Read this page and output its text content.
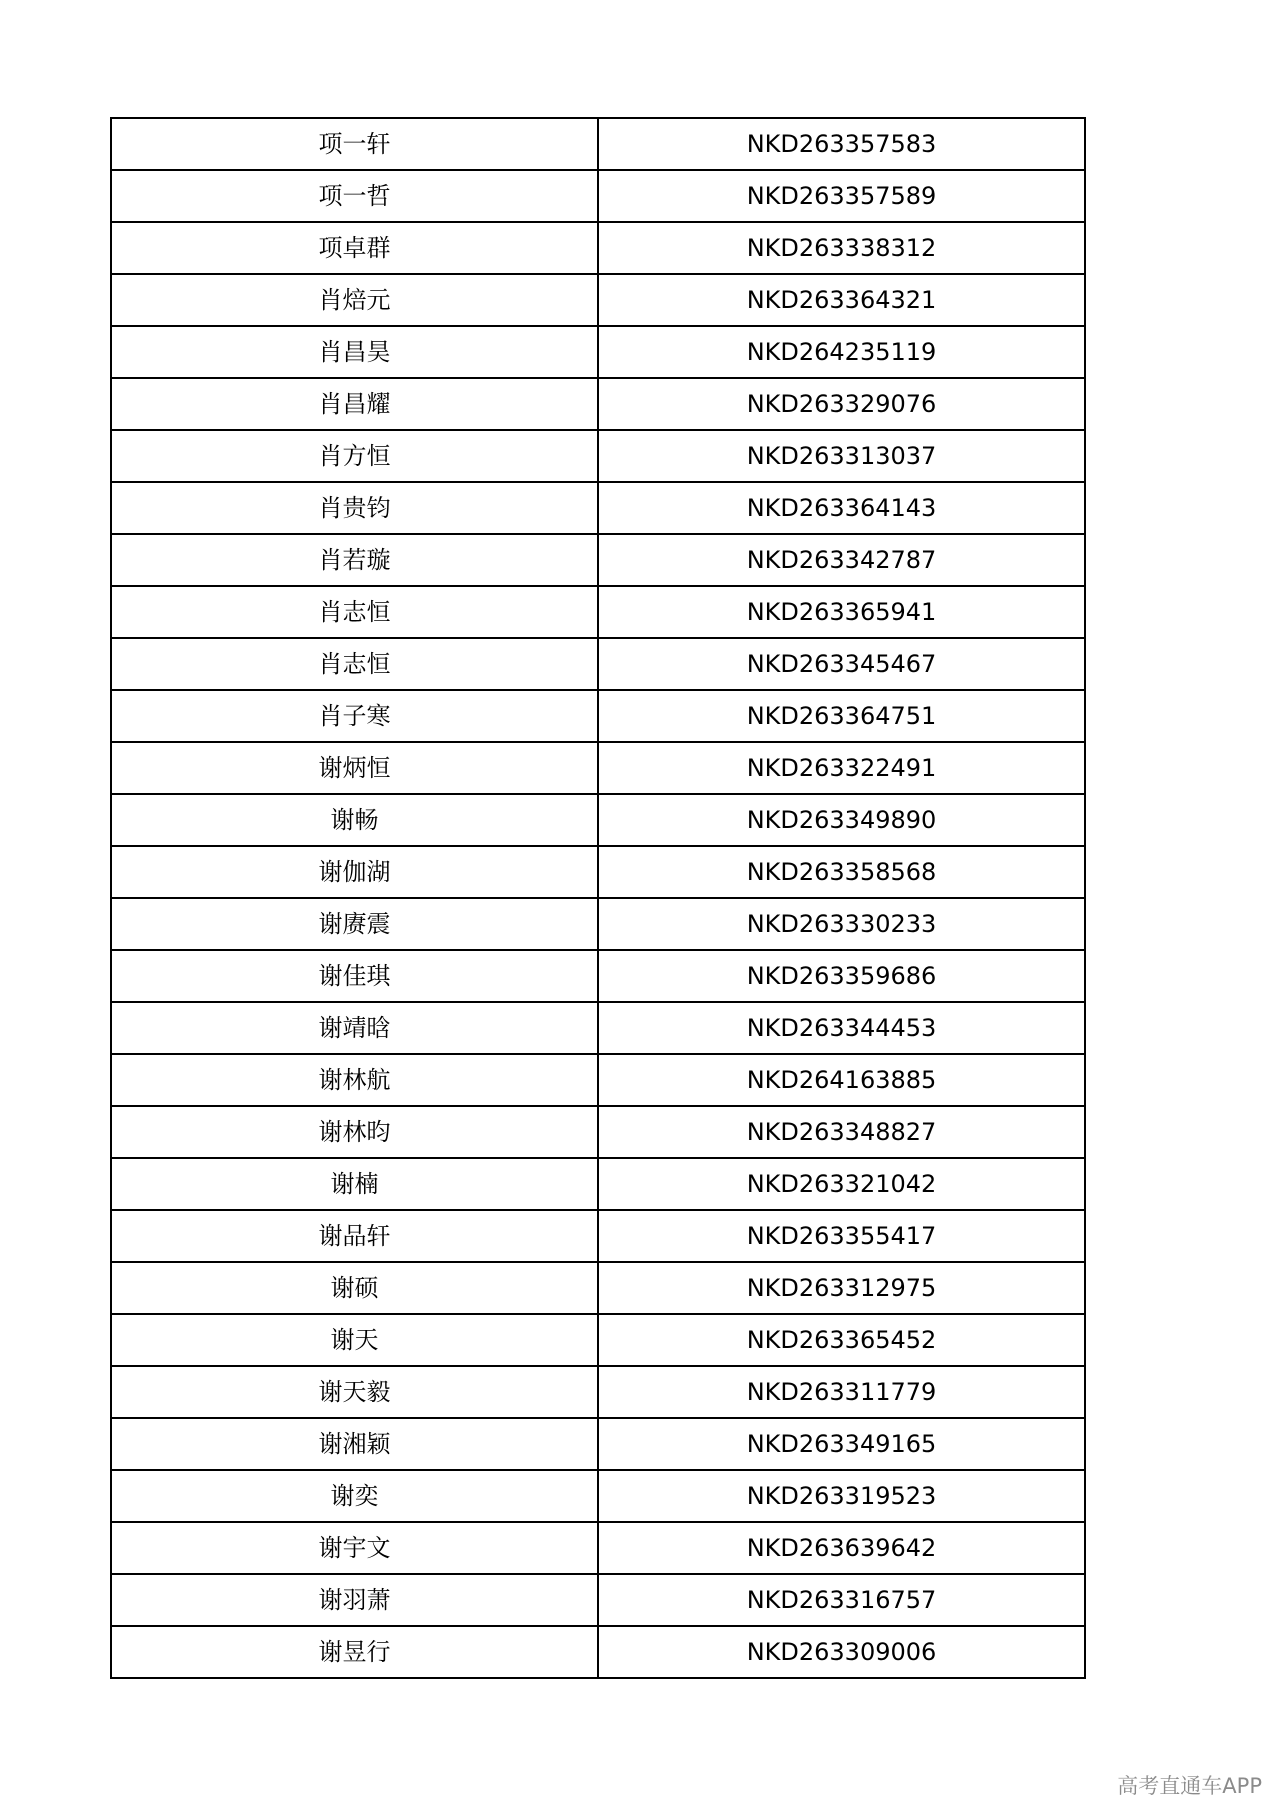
项一轩	NKD263357583
项一哲	NKD263357589
项卓群	NKD263338312
肖焙元	NKD263364321
肖昌昊	NKD264235119
肖昌耀	NKD263329076
肖方恒	NKD263313037
肖贵钧	NKD263364143
肖若璇	NKD263342787
肖志恒	NKD263365941
肖志恒	NKD263345467
肖子寒	NKD263364751
谢炳恒	NKD263322491
谢畅	NKD263349890
谢伽湖	NKD263358568
谢赓震	NKD263330233
谢佳琪	NKD263359686
谢靖晗	NKD263344453
谢林航	NKD264163885
谢林昀	NKD263348827
谢楠	NKD263321042
谢品轩	NKD263355417
谢硕	NKD263312975
谢天	NKD263365452
谢天毅	NKD263311779
谢湘颖	NKD263349165
谢奕	NKD263319523
谢宇文	NKD263639642
谢羽萧	NKD263316757
谢昱行	NKD263309006
高考直通车APP
